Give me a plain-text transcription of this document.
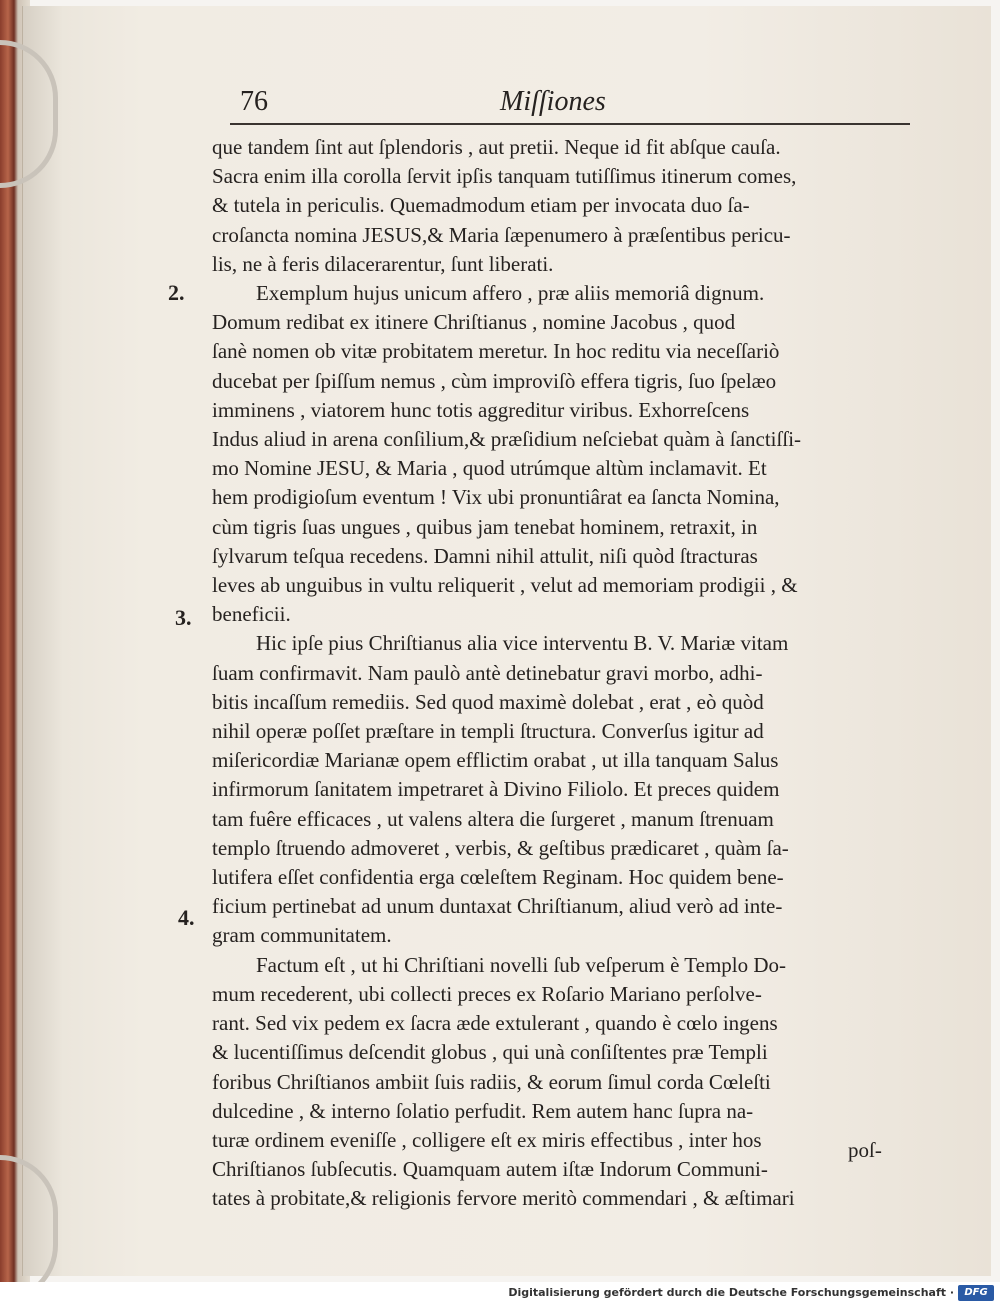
76	Miſſiones
2.
3.
4.

que tandem ſint aut ſplendoris , aut pretii. Neque id fit abſque cauſa.
Sacra enim illa corolla ſervit ipſis tanquam tutiſſimus itinerum comes,
& tutela in periculis. Quemadmodum etiam per invocata duo ſa-
croſancta nomina JESUS,& Maria ſæpenumero à præſentibus pericu-
lis, ne à feris dilacerarentur, ſunt liberati.

Exemplum hujus unicum affero , præ aliis memoriâ dignum.
Domum redibat ex itinere Chriſtianus , nomine Jacobus , quod
ſanè nomen ob vitæ probitatem meretur. In hoc reditu via neceſſariò
ducebat per ſpiſſum nemus , cùm improviſò effera tigris, ſuo ſpelæo
imminens , viatorem hunc totis aggreditur viribus. Exhorreſcens
Indus aliud in arena conſilium,& præſidium neſciebat quàm à ſanctiſſi-
mo Nomine JESU, & Maria , quod utrúmque altùm inclamavit. Et
hem prodigioſum eventum ! Vix ubi pronuntiârat ea ſancta Nomina,
cùm tigris ſuas ungues , quibus jam tenebat hominem, retraxit, in
ſylvarum teſqua recedens. Damni nihil attulit, niſi quòd ſtracturas
leves ab unguibus in vultu reliquerit , velut ad memoriam prodigii , &
beneficii.

Hic ipſe pius Chriſtianus alia vice interventu B. V. Mariæ vitam
ſuam confirmavit. Nam paulò antè detinebatur gravi morbo, adhi-
bitis incaſſum remediis. Sed quod maximè dolebat , erat , eò quòd
nihil operæ poſſet præſtare in templi ſtructura. Converſus igitur ad
miſericordiæ Marianæ opem efflictim orabat , ut illa tanquam Salus
infirmorum ſanitatem impetraret à Divino Filiolo. Et preces quidem
tam fuêre efficaces , ut valens altera die ſurgeret , manum ſtrenuam
templo ſtruendo admoveret , verbis, & geſtibus prædicaret , quàm ſa-
lutifera eſſet confidentia erga cœleſtem Reginam. Hoc quidem bene-
ficium pertinebat ad unum duntaxat Chriſtianum, aliud verò ad inte-
gram communitatem.

Factum eſt , ut hi Chriſtiani novelli ſub veſperum è Templo Do-
mum recederent, ubi collecti preces ex Roſario Mariano perſolve-
rant. Sed vix pedem ex ſacra æde extulerant , quando è cœlo ingens
& lucentiſſimus deſcendit globus , qui unà conſiſtentes præ Templi
foribus Chriſtianos ambiit ſuis radiis, & eorum ſimul corda Cœleſti
dulcedine , & interno ſolatio perfudit. Rem autem hanc ſupra na-
turæ ordinem eveniſſe , colligere eſt ex miris effectibus , inter hos
Chriſtianos ſubſecutis. Quamquam autem iſtæ Indorum Communi-
tates à probitate,& religionis fervore meritò commendari , & æſtimari

poſ-
Digitalisierung gefördert durch die Deutsche Forschungsgemeinschaft ·	DFG
